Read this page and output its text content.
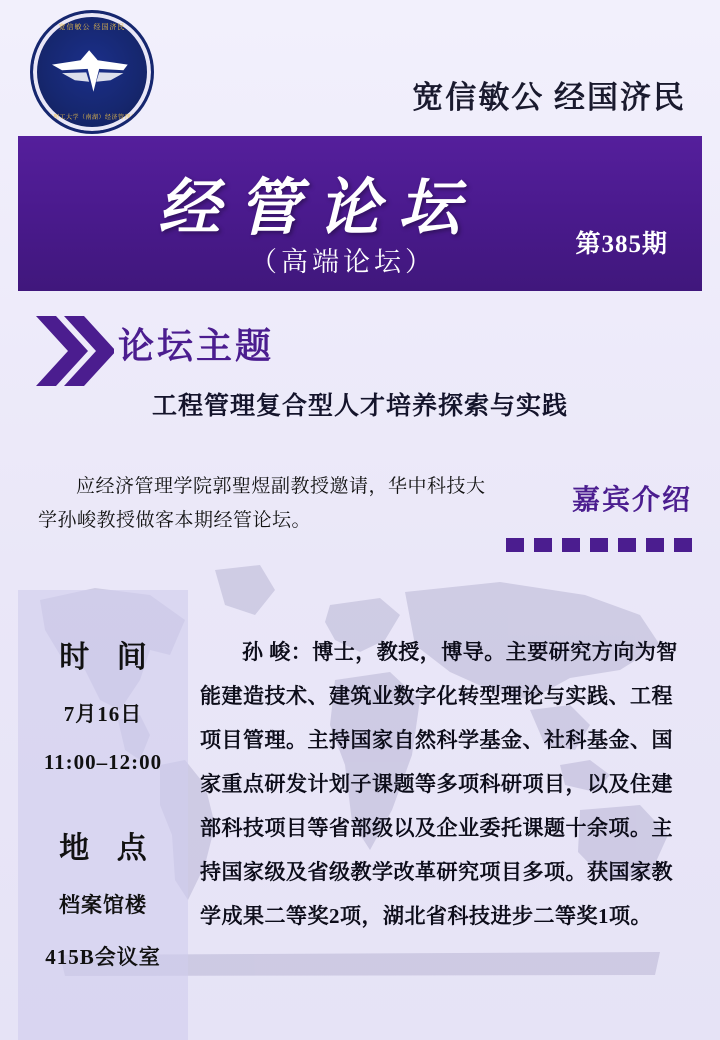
宽信敏公 经国济民
武汉理工大学（南湖）经济管理学院
宽信敏公 经国济民
经管论坛
（高端论坛）
第385期
论坛主题
工程管理复合型人才培养探索与实践
应经济管理学院郭聖煜副教授邀请，华中科技大学孙峻教授做客本期经管论坛。
嘉宾介绍
时 间
7月16日
11:00–12:00
地 点
档案馆楼
415B会议室
孙 峻：博士，教授，博导。主要研究方向为智能建造技术、建筑业数字化转型理论与实践、工程项目管理。主持国家自然科学基金、社科基金、国家重点研发计划子课题等多项科研项目，以及住建部科技项目等省部级以及企业委托课题十余项。主持国家级及省级教学改革研究项目多项。获国家教学成果二等奖2项，湖北省科技进步二等奖1项。
